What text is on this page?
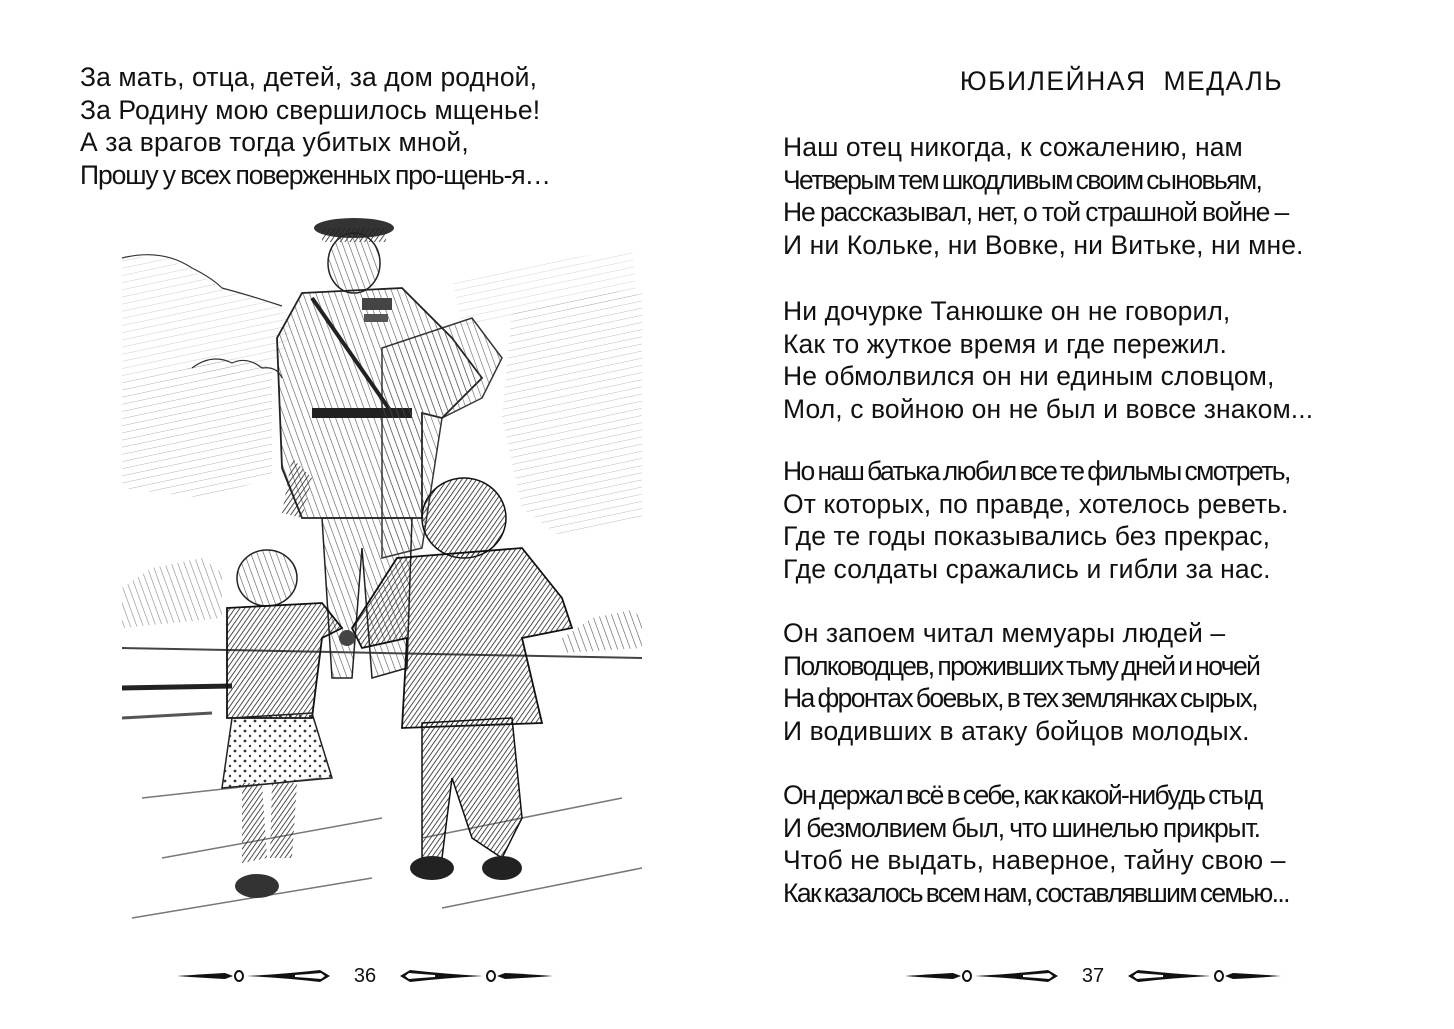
За мать, отца, детей, за дом родной,
За Родину мою свершилось мщенье!
А за врагов тогда убитых мной,
Прошу у всех поверженных про-щень-я…

36
ЮБИЛЕЙНАЯ МЕДАЛЬ

Наш отец никогда, к сожалению, нам
Четверым тем шкодливым своим сыновьям,
Не рассказывал, нет, о той страшной войне –
И ни Кольке, ни Вовке, ни Витьке, ни мне.

Ни дочурке Танюшке он не говорил,
Как то жуткое время и где пережил.
Не обмолвился он ни единым словцом,
Мол, с войною он не был и вовсе знаком...

Но наш батька любил все те фильмы смотреть,
От которых, по правде, хотелось реветь.
Где те годы показывались без прекрас,
Где солдаты сражались и гибли за нас.

Он запоем читал мемуары людей –
Полководцев, проживших тьму дней и ночей
На фронтах боевых, в тех землянках сырых,
И водивших в атаку бойцов молодых.

Он держал всё в себе, как какой-нибудь стыд
И безмолвием был, что шинелью прикрыт.
Чтоб не выдать, наверное, тайну свою –
Как казалось всем нам, составлявшим семью...

37
